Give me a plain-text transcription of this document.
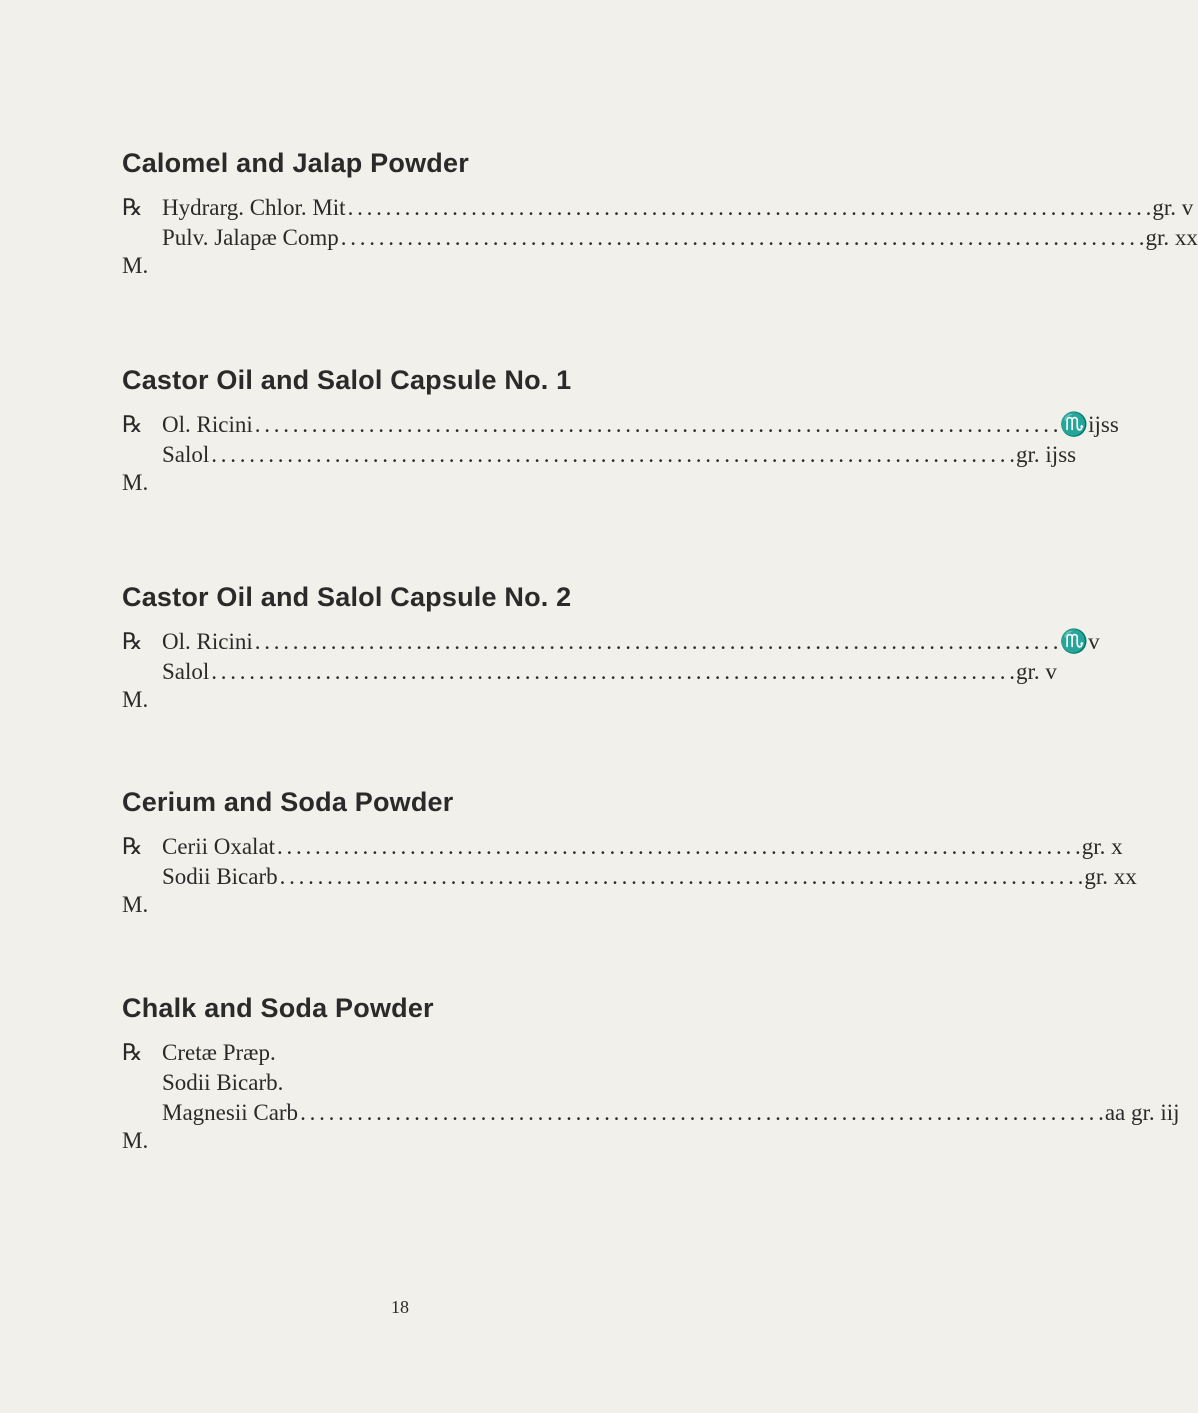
Calomel and Jalap Powder
℞ Hydrarg. Chlor. Mit . . .	gr. v
Pulv. Jalapæ Comp . . .	gr. xx
M.
Castor Oil and Salol Capsule No. 1
℞ Ol. Ricini . . .	♏ijss
Salol . . .	gr. ijss
M.
Castor Oil and Salol Capsule No. 2
℞ Ol. Ricini . . .	♏v
Salol . . .	gr. v
M.
Cerium and Soda Powder
℞ Cerii Oxalat . . .	gr. x
Sodii Bicarb . . .	gr. xx
M.
Chalk and Soda Powder
℞ Cretæ Præp.
Sodii Bicarb.
Magnesii Carb . . .	aa gr. iij
M.
18
